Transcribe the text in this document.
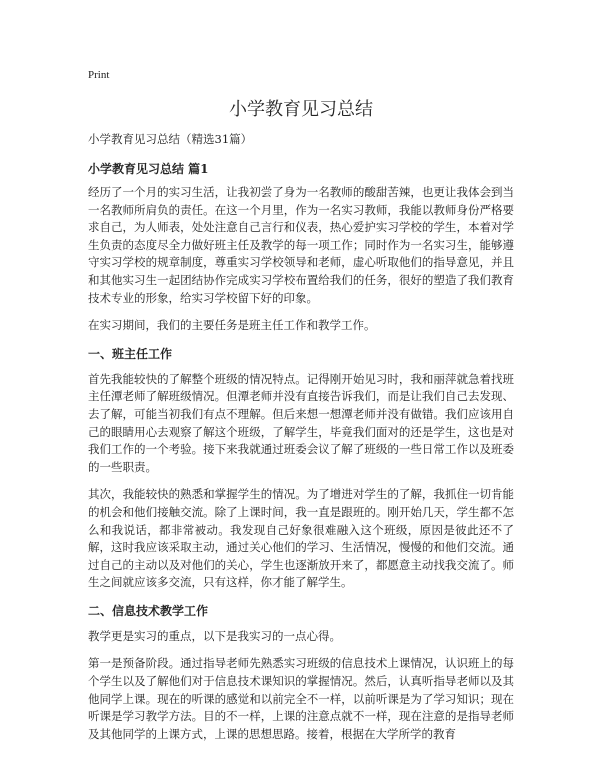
Print
小学教育见习总结

小学教育见习总结（精选31篇）

小学教育见习总结 篇1

经历了一个月的实习生活，让我初尝了身为一名教师的酸甜苦辣，也更让我体会到当一名教师所肩负的责任。在这一个月里，作为一名实习教师，我能以教师身份严格要求自己，为人师表，处处注意自己言行和仪表，热心爱护实习学校的学生，本着对学生负责的态度尽全力做好班主任及教学的每一项工作；同时作为一名实习生，能够遵守实习学校的规章制度，尊重实习学校领导和老师，虚心听取他们的指导意见，并且和其他实习生一起团结协作完成实习学校布置给我们的任务，很好的塑造了我们教育技术专业的形象，给实习学校留下好的印象。

在实习期间，我们的主要任务是班主任工作和教学工作。

一、班主任工作

首先我能较快的了解整个班级的情况特点。记得刚开始见习时，我和丽萍就急着找班主任潭老师了解班级情况。但潭老师并没有直接告诉我们，而是让我们自己去发现、去了解，可能当初我们有点不理解。但后来想一想潭老师并没有做错。我们应该用自己的眼睛用心去观察了解这个班级，了解学生，毕竟我们面对的还是学生，这也是对我们工作的一个考验。接下来我就通过班委会议了解了班级的一些日常工作以及班委的一些职责。

其次，我能较快的熟悉和掌握学生的情况。为了增进对学生的了解，我抓住一切肯能的机会和他们接触交流。除了上课时间，我一直是跟班的。刚开始几天，学生都不怎么和我说话，都非常被动。我发现自己好象很难融入这个班级，原因是彼此还不了解，这时我应该采取主动，通过关心他们的学习、生活情况，慢慢的和他们交流。通过自己的主动以及对他们的关心，学生也逐渐放开来了，都愿意主动找我交流了。师生之间就应该多交流，只有这样，你才能了解学生。

二、信息技术教学工作

教学更是实习的重点，以下是我实习的一点心得。

第一是预备阶段。通过指导老师先熟悉实习班级的信息技术上课情况，认识班上的每个学生以及了解他们对于信息技术课知识的掌握情况。然后，认真听指导老师以及其他同学上课。现在的听课的感觉和以前完全不一样，以前听课是为了学习知识；现在听课是学习教学方法。目的不一样，上课的注意点就不一样，现在注意的是指导老师及其他同学的上课方式，上课的思想思路。接着，根据在大学所学的教育
